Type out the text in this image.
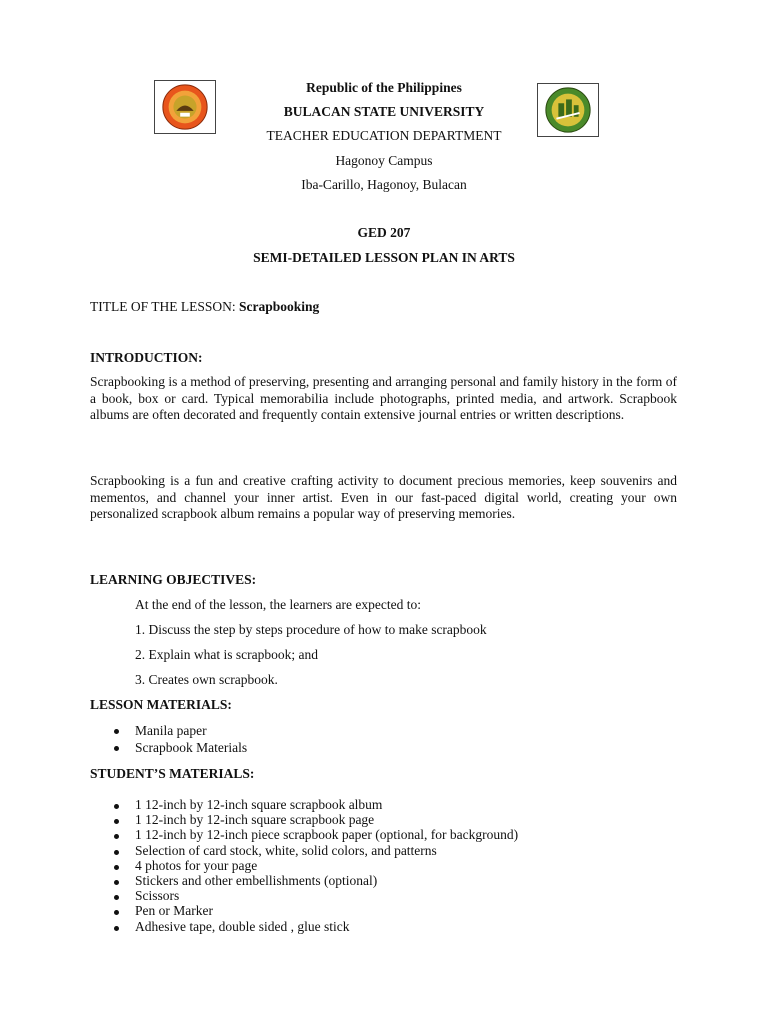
Republic of the Philippines
BULACAN STATE UNIVERSITY
TEACHER EDUCATION DEPARTMENT
Hagonoy Campus
Iba-Carillo, Hagonoy, Bulacan
GED 207
SEMI-DETAILED LESSON PLAN IN ARTS
TITLE OF THE LESSON: Scrapbooking
INTRODUCTION:
Scrapbooking is a method of preserving, presenting and arranging personal and family history in the form of a book, box or card. Typical memorabilia include photographs, printed media, and artwork. Scrapbook albums are often decorated and frequently contain extensive journal entries or written descriptions.
Scrapbooking is a fun and creative crafting activity to document precious memories, keep souvenirs and mementos, and channel your inner artist. Even in our fast-paced digital world, creating your own personalized scrapbook album remains a popular way of preserving memories.
LEARNING OBJECTIVES:
At the end of the lesson, the learners are expected to:
1. Discuss the step by steps procedure of how to make scrapbook
2. Explain what is scrapbook; and
3. Creates own scrapbook.
LESSON MATERIALS:
Manila paper
Scrapbook Materials
STUDENT’S MATERIALS:
1 12-inch by 12-inch square scrapbook album
1 12-inch by 12-inch square scrapbook page
1 12-inch by 12-inch piece scrapbook paper (optional, for background)
Selection of card stock, white, solid colors, and patterns
4 photos for your page
Stickers and other embellishments (optional)
Scissors
Pen or Marker
Adhesive tape, double sided , glue stick
